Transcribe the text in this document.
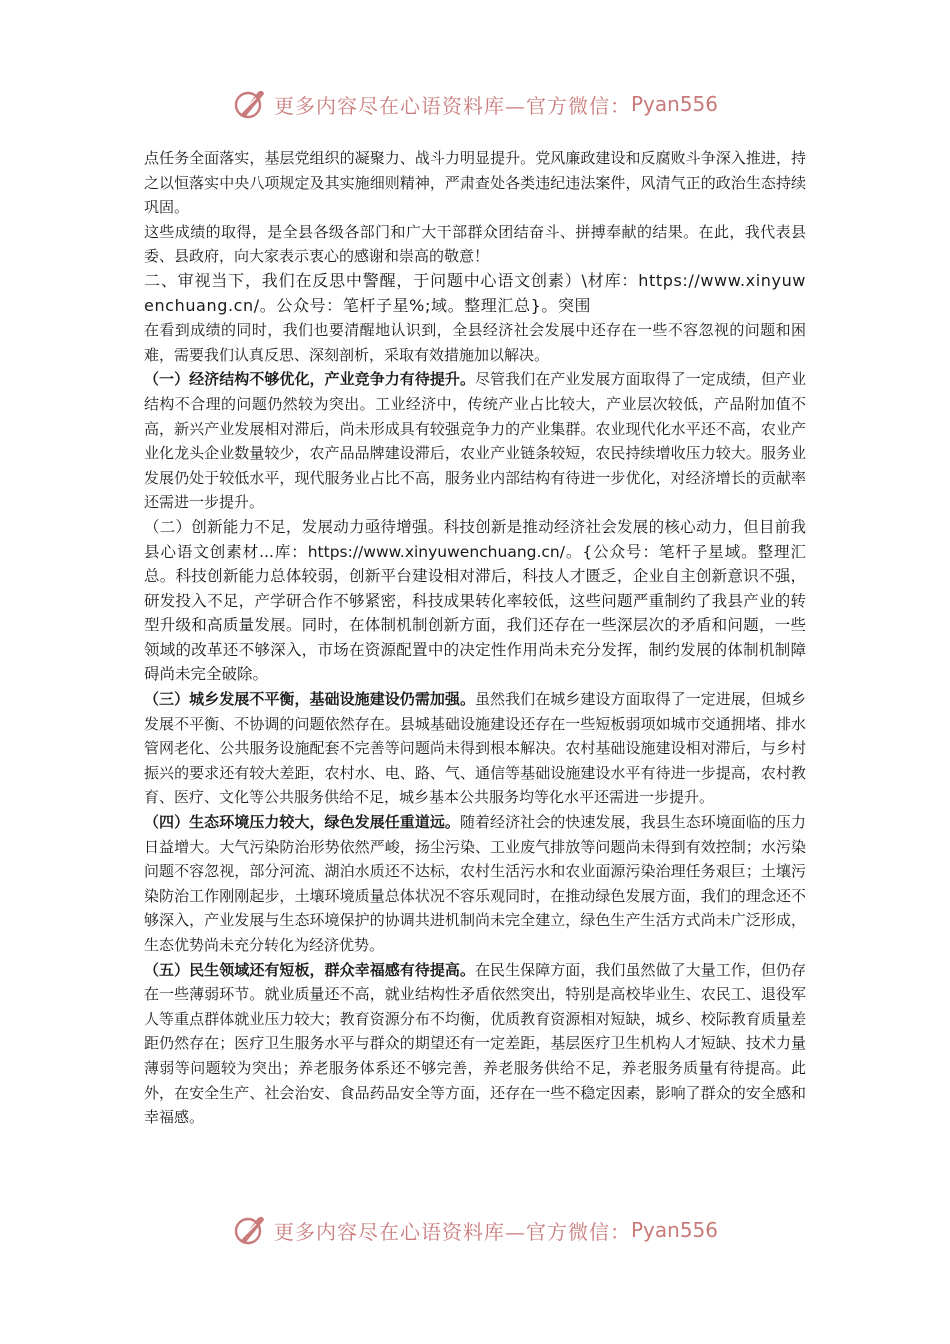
更多内容尽在心语资料库—官方微信： Pyan556

点任务全面落实，基层党组织的凝聚力、战斗力明显提升。党风廉政建设和反腐败斗争深入推进，持之以恒落实中央八项规定及其实施细则精神，严肃查处各类违纪违法案件，风清气正的政治生态持续巩固。

这些成绩的取得，是全县各级各部门和广大干部群众团结奋斗、拼搏奉献的结果。在此，我代表县委、县政府，向大家表示衷心的感谢和崇高的敬意！

二、审视当下，我们在反思中警醒，于问题中心语文创素）\材库：https://www.xinyuwenchuang.cn/。公众号：笔杆子星%;域。整理汇总}。突围

在看到成绩的同时，我们也要清醒地认识到，全县经济社会发展中还存在一些不容忽视的问题和困难，需要我们认真反思、深刻剖析，采取有效措施加以解决。

（一）经济结构不够优化，产业竞争力有待提升。尽管我们在产业发展方面取得了一定成绩，但产业结构不合理的问题仍然较为突出。工业经济中，传统产业占比较大，产业层次较低，产品附加值不高，新兴产业发展相对滞后，尚未形成具有较强竞争力的产业集群。农业现代化水平还不高，农业产业化龙头企业数量较少，农产品品牌建设滞后，农业产业链条较短，农民持续增收压力较大。服务业发展仍处于较低水平，现代服务业占比不高，服务业内部结构有待进一步优化，对经济增长的贡献率还需进一步提升。

（二）创新能力不足，发展动力亟待增强。科技创新是推动经济社会发展的核心动力，但目前我县心语文创素材...库：https://www.xinyuwenchuang.cn/。{公众号：笔杆子星域。整理汇总。科技创新能力总体较弱，创新平台建设相对滞后，科技人才匮乏，企业自主创新意识不强，研发投入不足，产学研合作不够紧密，科技成果转化率较低，这些问题严重制约了我县产业的转型升级和高质量发展。同时，在体制机制创新方面，我们还存在一些深层次的矛盾和问题，一些领域的改革还不够深入，市场在资源配置中的决定性作用尚未充分发挥，制约发展的体制机制障碍尚未完全破除。

（三）城乡发展不平衡，基础设施建设仍需加强。虽然我们在城乡建设方面取得了一定进展，但城乡发展不平衡、不协调的问题依然存在。县城基础设施建设还存在一些短板弱项如城市交通拥堵、排水管网老化、公共服务设施配套不完善等问题尚未得到根本解决。农村基础设施建设相对滞后，与乡村振兴的要求还有较大差距，农村水、电、路、气、通信等基础设施建设水平有待进一步提高，农村教育、医疗、文化等公共服务供给不足，城乡基本公共服务均等化水平还需进一步提升。

（四）生态环境压力较大，绿色发展任重道远。随着经济社会的快速发展，我县生态环境面临的压力日益增大。大气污染防治形势依然严峻，扬尘污染、工业废气排放等问题尚未得到有效控制；水污染问题不容忽视，部分河流、湖泊水质还不达标，农村生活污水和农业面源污染治理任务艰巨；土壤污染防治工作刚刚起步，土壤环境质量总体状况不容乐观同时，在推动绿色发展方面，我们的理念还不够深入，产业发展与生态环境保护的协调共进机制尚未完全建立，绿色生产生活方式尚未广泛形成，生态优势尚未充分转化为经济优势。

（五）民生领域还有短板，群众幸福感有待提高。在民生保障方面，我们虽然做了大量工作，但仍存在一些薄弱环节。就业质量还不高，就业结构性矛盾依然突出，特别是高校毕业生、农民工、退役军人等重点群体就业压力较大；教育资源分布不均衡，优质教育资源相对短缺，城乡、校际教育质量差距仍然存在；医疗卫生服务水平与群众的期望还有一定差距，基层医疗卫生机构人才短缺、技术力量薄弱等问题较为突出；养老服务体系还不够完善，养老服务供给不足，养老服务质量有待提高。此外，在安全生产、社会治安、食品药品安全等方面，还存在一些不稳定因素，影响了群众的安全感和幸福感。

更多内容尽在心语资料库—官方微信： Pyan556
